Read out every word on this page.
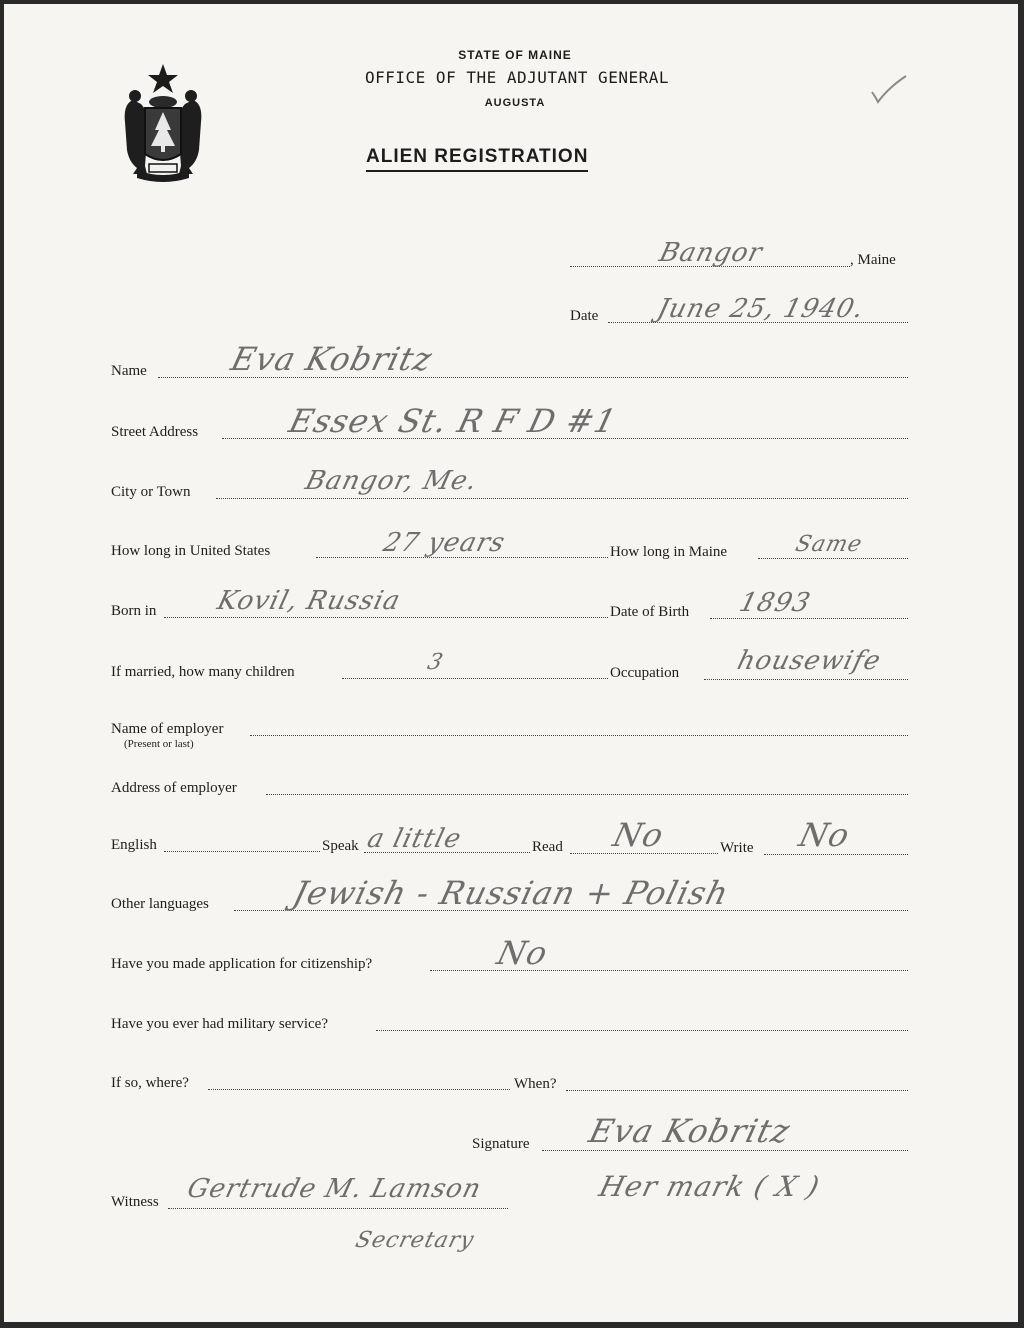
STATE OF MAINE
OFFICE OF THE ADJUTANT GENERAL
AUGUSTA
ALIEN REGISTRATION
Bangor	, Maine
Date June 25, 1940.
Name	Eva Kobritz
Street Address	Essex St. R F D #1
City or Town	Bangor, Me.
How long in United States	27 years	How long in Maine	Same
Born in Kovil, Russia	Date of Birth 1893
If married, how many children	3	Occupation housewife
Name of employer
(Present or last)
Address of employer
English	Speak a little	Read No	Write No
Other languages	Jewish - Russian + Polish
Have you made application for citizenship?	No
Have you ever had military service?
If so, where?	When?
Signature Eva Kobritz
Her mark ( X )
Witness Gertrude M. Lamson
Secretary
